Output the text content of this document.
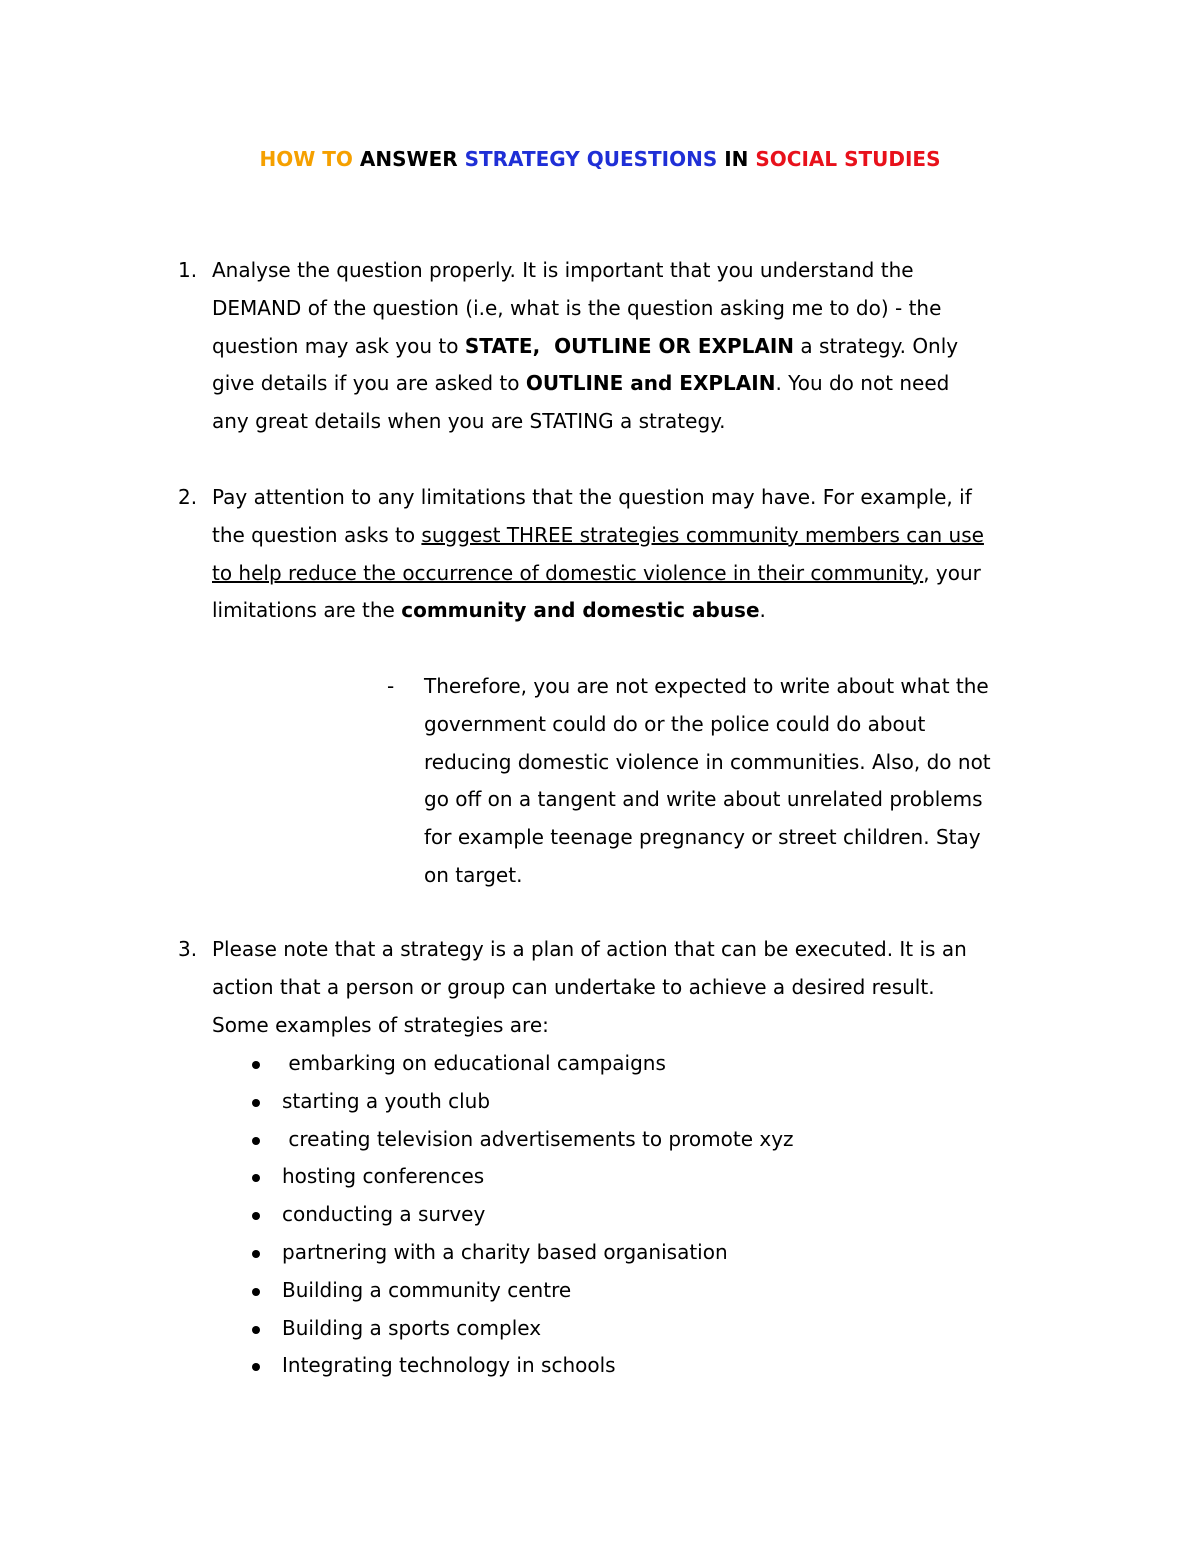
HOW TO ANSWER STRATEGY QUESTIONS IN SOCIAL STUDIES
1. Analyse the question properly. It is important that you understand the
DEMAND of the question (i.e, what is the question asking me to do) - the
question may ask you to STATE,  OUTLINE OR EXPLAIN a strategy. Only
give details if you are asked to OUTLINE and EXPLAIN. You do not need
any great details when you are STATING a strategy.
2. Pay attention to any limitations that the question may have. For example, if
the question asks to suggest THREE strategies community members can use
to help reduce the occurrence of domestic violence in their community, your
limitations are the community and domestic abuse.
- Therefore, you are not expected to write about what the
government could do or the police could do about
reducing domestic violence in communities. Also, do not
go off on a tangent and write about unrelated problems
for example teenage pregnancy or street children. Stay
on target.
3. Please note that a strategy is a plan of action that can be executed. It is an
action that a person or group can undertake to achieve a desired result.
Some examples of strategies are:
embarking on educational campaigns
starting a youth club
creating television advertisements to promote xyz
hosting conferences
conducting a survey
partnering with a charity based organisation
Building a community centre
Building a sports complex
Integrating technology in schools
